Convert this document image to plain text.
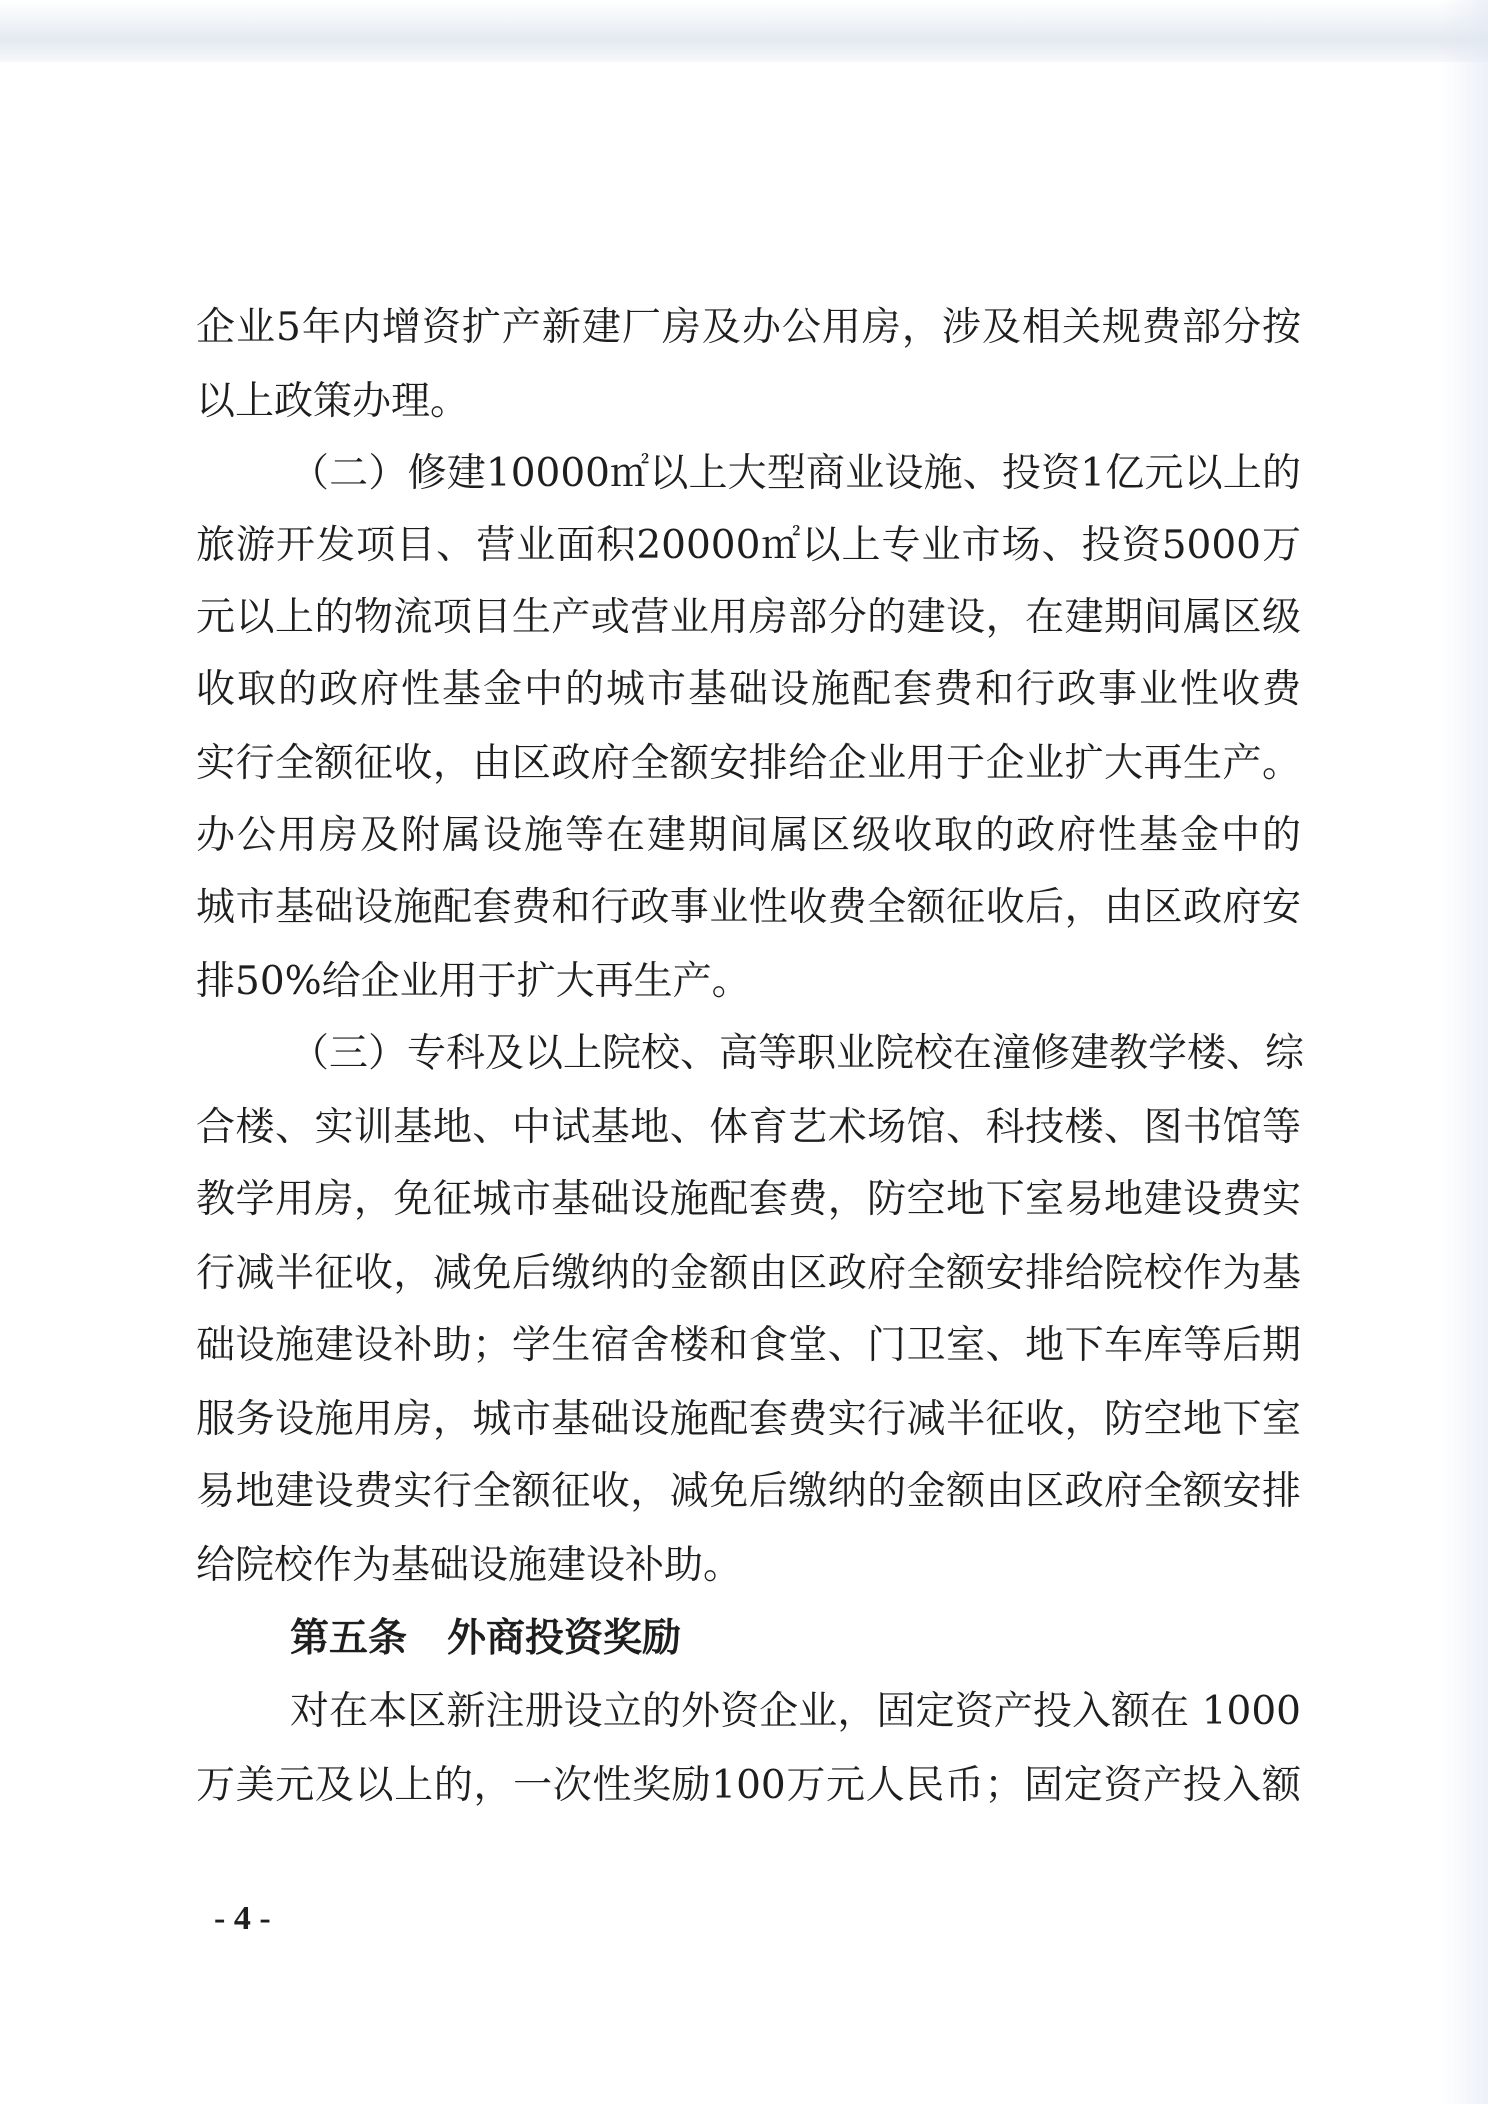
企业5年内增资扩产新建厂房及办公用房，涉及相关规费部分按
以上政策办理。
（二）修建10000㎡以上大型商业设施、投资1亿元以上的
旅游开发项目、营业面积20000㎡以上专业市场、投资5000万
元以上的物流项目生产或营业用房部分的建设，在建期间属区级
收取的政府性基金中的城市基础设施配套费和行政事业性收费
实行全额征收，由区政府全额安排给企业用于企业扩大再生产。
办公用房及附属设施等在建期间属区级收取的政府性基金中的
城市基础设施配套费和行政事业性收费全额征收后，由区政府安
排50%给企业用于扩大再生产。
（三）专科及以上院校、高等职业院校在潼修建教学楼、综
合楼、实训基地、中试基地、体育艺术场馆、科技楼、图书馆等
教学用房，免征城市基础设施配套费，防空地下室易地建设费实
行减半征收，减免后缴纳的金额由区政府全额安排给院校作为基
础设施建设补助；学生宿舍楼和食堂、门卫室、地下车库等后期
服务设施用房，城市基础设施配套费实行减半征收，防空地下室
易地建设费实行全额征收，减免后缴纳的金额由区政府全额安排
给院校作为基础设施建设补助。
第五条 外商投资奖励
对在本区新注册设立的外资企业，固定资产投入额在 1000
万美元及以上的，一次性奖励100万元人民币；固定资产投入额
- 4 -
